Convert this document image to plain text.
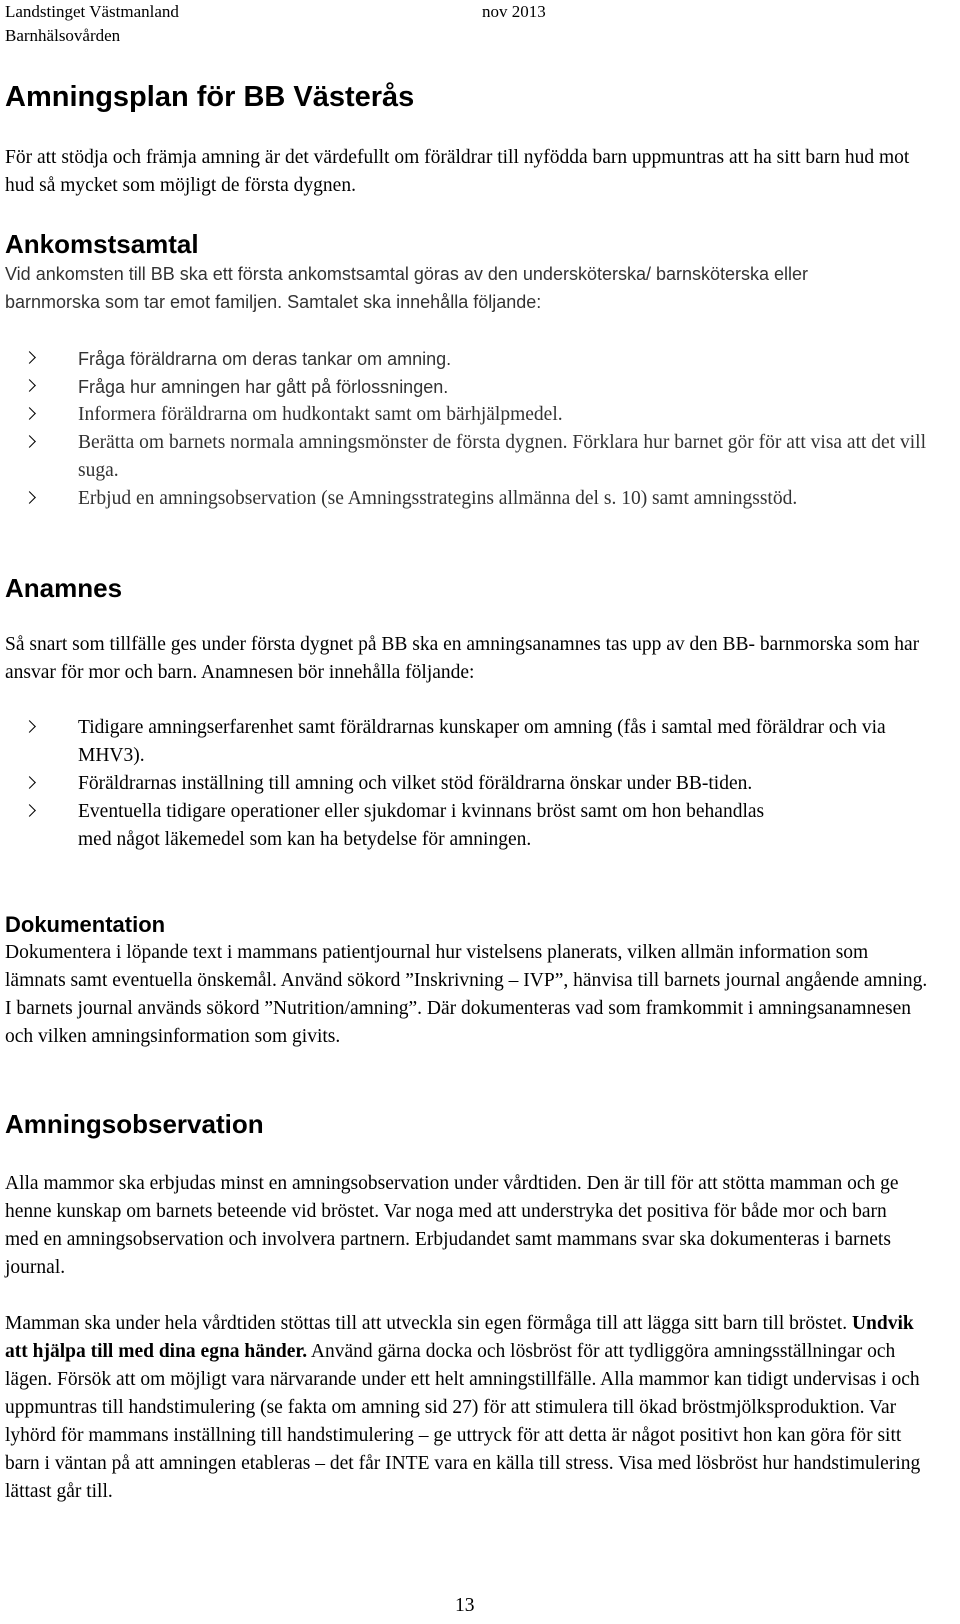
Landstinget Västmanland
Barnhälsovården
nov 2013
Amningsplan för BB Västerås

För att stödja och främja amning är det värdefullt om föräldrar till nyfödda barn uppmuntras att ha sitt barn hud mot hud så mycket som möjligt de första dygnen.

Ankomstsamtal

Vid ankomsten till BB ska ett första ankomstsamtal göras av den undersköterska/ barnsköterska eller barnmorska som tar emot familjen. Samtalet ska innehålla följande:

Fråga föräldrarna om deras tankar om amning.
Fråga hur amningen har gått på förlossningen.
Informera föräldrarna om hudkontakt samt om bärhjälpmedel.
Berätta om barnets normala amningsmönster de första dygnen. Förklara hur barnet gör för att visa att det vill suga.
Erbjud en amningsobservation (se Amningsstrategins allmänna del s. 10) samt amningsstöd.
Anamnes

Så snart som tillfälle ges under första dygnet på BB ska en amningsanamnes tas upp av den BB- barnmorska som har ansvar för mor och barn. Anamnesen bör innehålla följande:

Tidigare amningserfarenhet samt föräldrarnas kunskaper om amning (fås i samtal med föräldrar och via MHV3).
Föräldrarnas inställning till amning och vilket stöd föräldrarna önskar under BB-tiden.
Eventuella tidigare operationer eller sjukdomar i kvinnans bröst samt om hon behandlas med något läkemedel som kan ha betydelse för amningen.
Dokumentation

Dokumentera i löpande text i mammans patientjournal hur vistelsens planerats, vilken allmän information som lämnats samt eventuella önskemål. Använd sökord ”Inskrivning – IVP”, hänvisa till barnets journal angående amning. I barnets journal används sökord ”Nutrition/amning”. Där dokumenteras vad som framkommit i amningsanamnesen och vilken amningsinformation som givits.

Amningsobservation

Alla mammor ska erbjudas minst en amningsobservation under vårdtiden. Den är till för att stötta mamman och ge henne kunskap om barnets beteende vid bröstet. Var noga med att understryka det positiva för både mor och barn med en amningsobservation och involvera partnern. Erbjudandet samt mammans svar ska dokumenteras i barnets journal.

Mamman ska under hela vårdtiden stöttas till att utveckla sin egen förmåga till att lägga sitt barn till bröstet. Undvik att hjälpa till med dina egna händer. Använd gärna docka och lösbröst för att tydliggöra amningsställningar och lägen. Försök att om möjligt vara närvarande under ett helt amningstillfälle. Alla mammor kan tidigt undervisas i och uppmuntras till handstimulering (se fakta om amning sid 27) för att stimulera till ökad bröstmjölksproduktion. Var lyhörd för mammans inställning till handstimulering – ge uttryck för att detta är något positivt hon kan göra för sitt barn i väntan på att amningen etableras – det får INTE vara en källa till stress. Visa med lösbröst hur handstimulering lättast går till.

13
